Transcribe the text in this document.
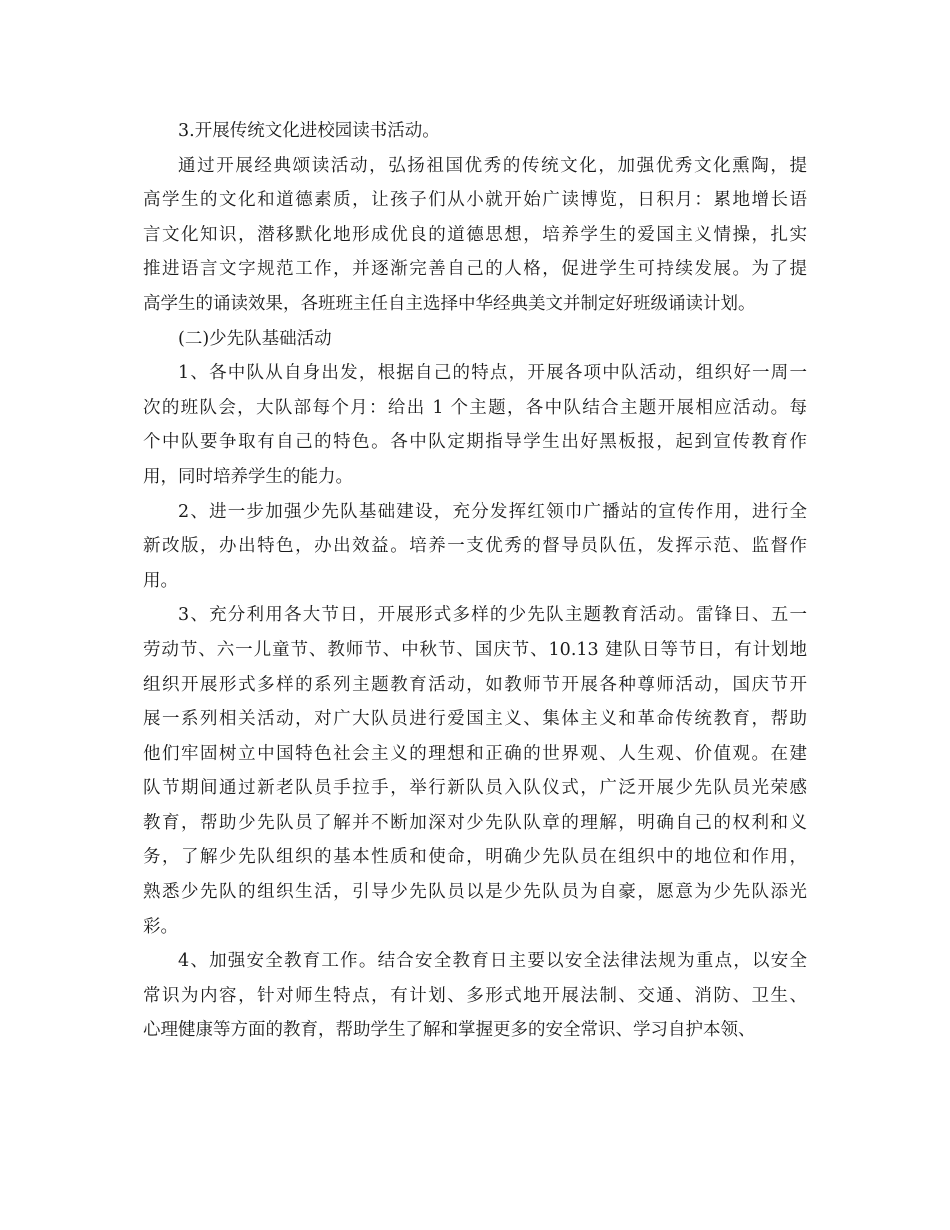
3.开展传统文化进校园读书活动。
通过开展经典颂读活动，弘扬祖国优秀的传统文化，加强优秀文化熏陶，提
高学生的文化和道德素质，让孩子们从小就开始广读博览，日积月：累地增长语
言文化知识，潜移默化地形成优良的道德思想，培养学生的爱国主义情操，扎实
推进语言文字规范工作，并逐渐完善自己的人格，促进学生可持续发展。为了提
高学生的诵读效果，各班班主任自主选择中华经典美文并制定好班级诵读计划。
(二)少先队基础活动
1、各中队从自身出发，根据自己的特点，开展各项中队活动，组织好一周一
次的班队会，大队部每个月：给出 1 个主题，各中队结合主题开展相应活动。每
个中队要争取有自己的特色。各中队定期指导学生出好黑板报，起到宣传教育作
用，同时培养学生的能力。
2、进一步加强少先队基础建设，充分发挥红领巾广播站的宣传作用，进行全
新改版，办出特色，办出效益。培养一支优秀的督导员队伍，发挥示范、监督作
用。
3、充分利用各大节日，开展形式多样的少先队主题教育活动。雷锋日、五一
劳动节、六一儿童节、教师节、中秋节、国庆节、10.13 建队日等节日，有计划地
组织开展形式多样的系列主题教育活动，如教师节开展各种尊师活动，国庆节开
展一系列相关活动，对广大队员进行爱国主义、集体主义和革命传统教育，帮助
他们牢固树立中国特色社会主义的理想和正确的世界观、人生观、价值观。在建
队节期间通过新老队员手拉手，举行新队员入队仪式，广泛开展少先队员光荣感
教育，帮助少先队员了解并不断加深对少先队队章的理解，明确自己的权利和义
务，了解少先队组织的基本性质和使命，明确少先队员在组织中的地位和作用，
熟悉少先队的组织生活，引导少先队员以是少先队员为自豪，愿意为少先队添光
彩。
4、加强安全教育工作。结合安全教育日主要以安全法律法规为重点，以安全
常识为内容，针对师生特点，有计划、多形式地开展法制、交通、消防、卫生、
心理健康等方面的教育，帮助学生了解和掌握更多的安全常识、学习自护本领、
